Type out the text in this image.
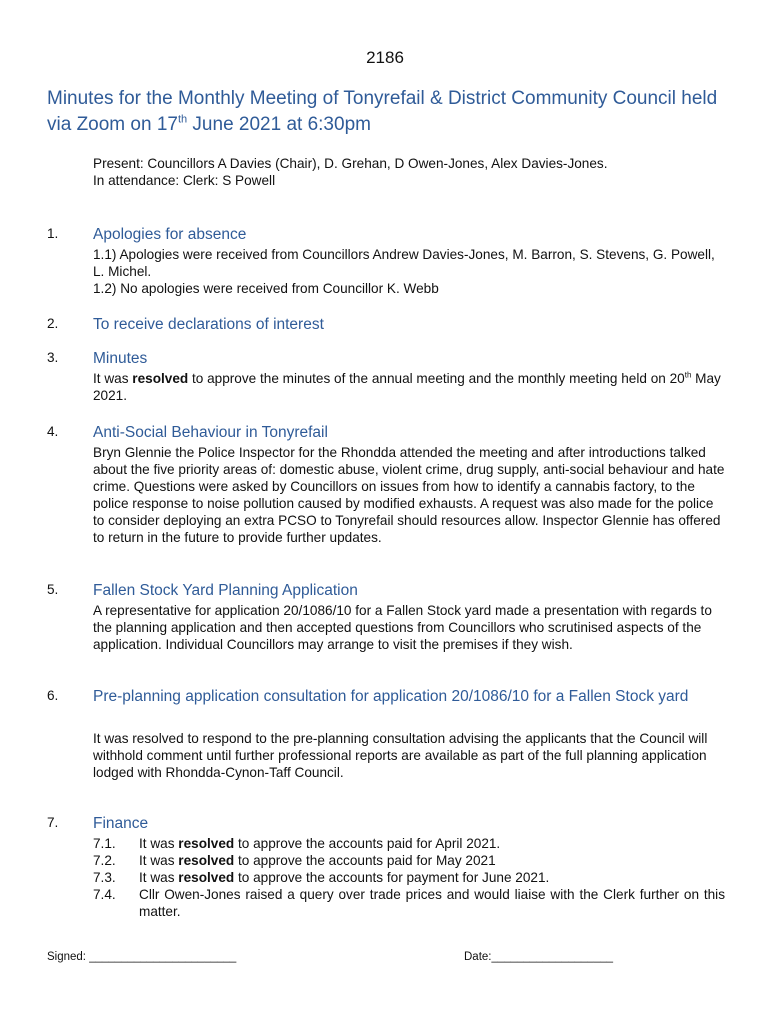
2186
Minutes for the Monthly Meeting of Tonyrefail & District Community Council held via Zoom on 17th June 2021 at 6:30pm
Present: Councillors A Davies (Chair), D. Grehan, D Owen-Jones, Alex Davies-Jones.
In attendance: Clerk: S Powell
1. Apologies for absence

1.1) Apologies were received from Councillors Andrew Davies-Jones, M. Barron, S. Stevens, G. Powell, L. Michel.

1.2) No apologies were received from Councillor K. Webb

2. To receive declarations of interest
3. Minutes

It was resolved to approve the minutes of the annual meeting and the monthly meeting held on 20th May 2021.

4. Anti-Social Behaviour in Tonyrefail
Bryn Glennie the Police Inspector for the Rhondda attended the meeting and after introductions talked about the five priority areas of: domestic abuse, violent crime, drug supply, anti-social behaviour and hate crime. Questions were asked by Councillors on issues from how to identify a cannabis factory, to the police response to noise pollution caused by modified exhausts. A request was also made for the police to consider deploying an extra PCSO to Tonyrefail should resources allow. Inspector Glennie has offered to return in the future to provide further updates.
5. Fallen Stock Yard Planning Application
A representative for application 20/1086/10 for a Fallen Stock yard made a presentation with regards to the planning application and then accepted questions from Councillors who scrutinised aspects of the application. Individual Councillors may arrange to visit the premises if they wish.
6. Pre-planning application consultation for application 20/1086/10 for a Fallen Stock yard
It was resolved to respond to the pre-planning consultation advising the applicants that the Council will withhold comment until further professional reports are available as part of the full planning application lodged with Rhondda-Cynon-Taff Council.
7. Finance
7.1. It was resolved to approve the accounts paid for April 2021.
7.2. It was resolved to approve the accounts paid for May 2021
7.3. It was resolved to approve the accounts for payment for June 2021.
7.4. Cllr Owen-Jones raised a query over trade prices and would liaise with the Clerk further on this matter.
Signed: _______________________	Date:___________________
